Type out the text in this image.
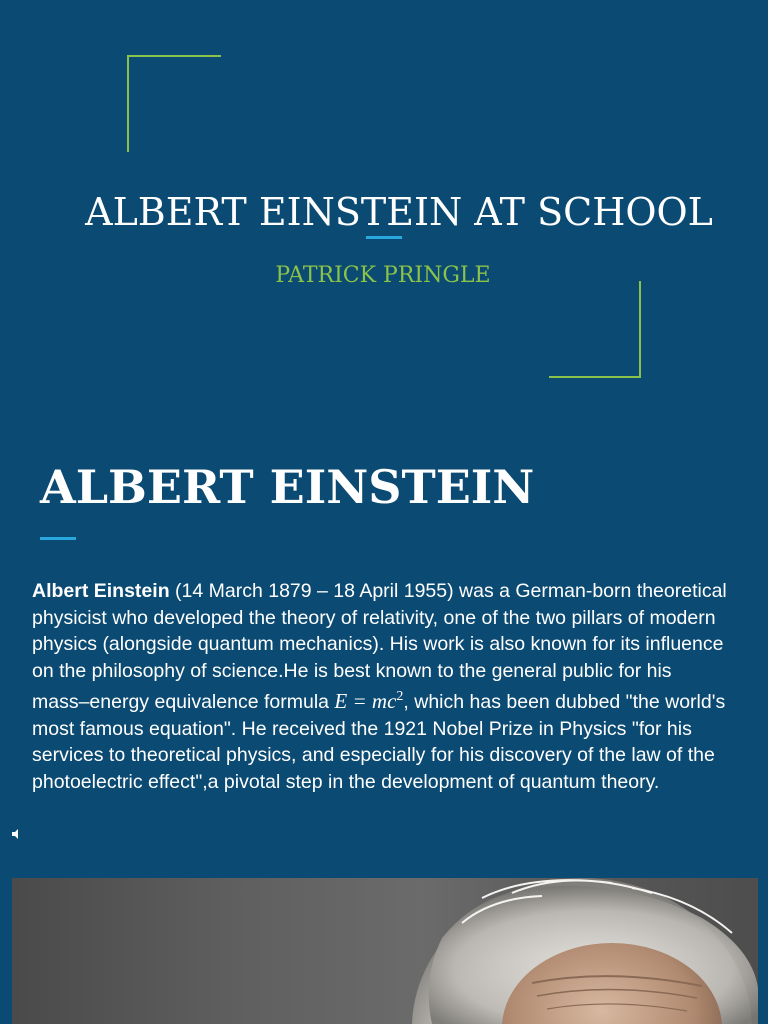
ALBERT EINSTEIN AT SCHOOL
PATRICK PRINGLE
ALBERT EINSTEIN

Albert Einstein (14 March 1879 – 18 April 1955) was a German-born theoretical physicist who developed the theory of relativity, one of the two pillars of modern physics (alongside quantum mechanics). His work is also known for its influence on the philosophy of science.He is best known to the general public for his mass–energy equivalence formula $E = mc^2$, which has been dubbed "the world's most famous equation". He received the 1921 Nobel Prize in Physics "for his services to theoretical physics, and especially for his discovery of the law of the photoelectric effect",a pivotal step in the development of quantum theory.
